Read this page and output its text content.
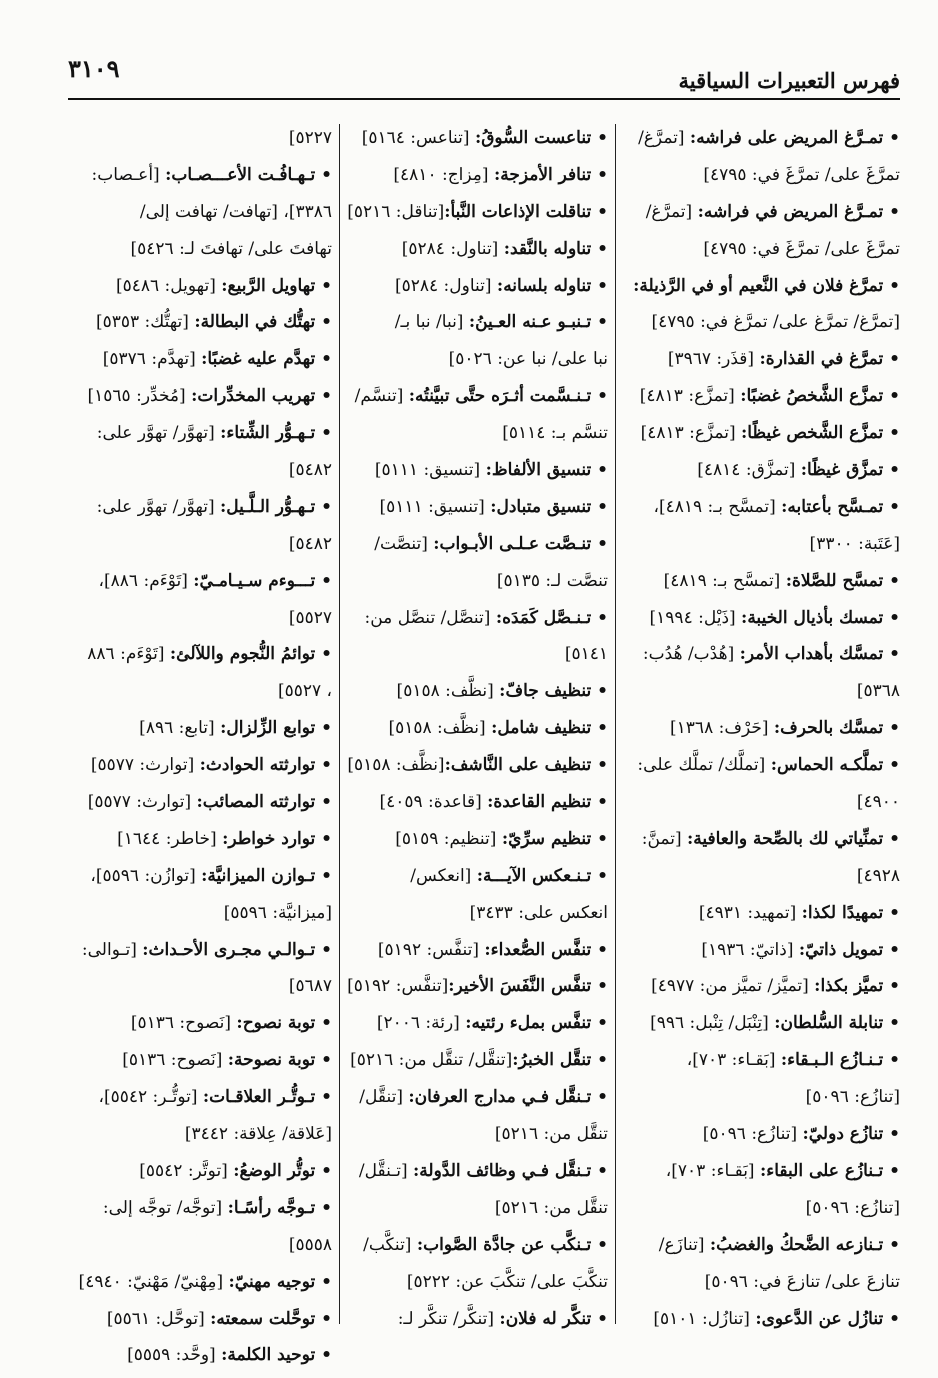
٣١٠٩	فهرس التعبيرات السياقية
• تمـرَّغ المريض على فراشه: [تمرَّغ/
تمرَّغَ على/ تمرَّغَ في: ٤٧٩٥]
• تمـرَّغ المريض في فراشه: [تمرَّغ/
تمرَّغَ على/ تمرَّغَ في: ٤٧٩٥]
• تمرَّغ فلان في النَّعيم أو في الرَّذيلة:
[تمرَّغ/ تمرَّغ على/ تمرَّغ في: ٤٧٩٥]
• تمرَّغ في القذارة: [قذَر: ٣٩٦٧]
• تمزَّع الشَّخصُ غضبًا: [تمزَّع: ٤٨١٣]
• تمزَّع الشَّخص غيظًا: [تمزَّع: ٤٨١٣]
• تمزَّق غيظًا: [تمزَّق: ٤٨١٤]
• تمـسَّح بأعتابه: [تمسَّح بـ: ٤٨١٩]،
[عَتَبة: ٣٣٠٠]
• تمسَّح للصَّلاة: [تمسَّح بـ: ٤٨١٩]
• تمسك بأذيال الخيبة: [ذَيْل: ١٩٩٤]
• تمسَّك بأهداب الأمر: [هُدْب/ هُدُب:
٥٣٦٨]
• تمسَّك بالحرف: [حَرْف: ١٣٦٨]
• تملَّكـه الحماس: [تملَّك/ تملَّك على:
٤٩٠٠]
• تمنِّياتي لك بالصِّحة والعافية: [تمنَّ:
٤٩٢٨]
• تمهيدًا لكذا: [تمهيد: ٤٩٣١]
• تمويل ذاتيّ: [ذاتيّ: ١٩٣٦]
• تميَّز بكذا: [تميَّز/ تميَّز من: ٤٩٧٧]
• تنابلة السُّلطان: [تِنْبَل/ تِنْبل: ٩٩٦]
• تـنـازُع الـبـقاء: [بَقـاء: ٧٠٣]،
[تنازُع: ٥٠٩٦]
• تنازُع دوليّ: [تنازُع: ٥٠٩٦]
• تـنازُع على البقاء: [بَقـاء: ٧٠٣]،
[تنازُع: ٥٠٩٦]
• تـنازعه الضَّحكُ والغضبُ: [تنازَع/
تنازعَ على/ تنازعَ في: ٥٠٩٦]
• تنازُل عن الدَّعوى: [تنازُل: ٥١٠١]
• تناعست السُّوقُ: [تناعس: ٥١٦٤]
• تنافر الأمزجة: [مِزاج: ٤٨١٠]
• تناقلت الإذاعات النَّبأ:[تناقل: ٥٢١٦]
• تناوله بالنَّقد: [تناول: ٥٢٨٤]
• تناوله بلسانه: [تناول: ٥٢٨٤]
• تـنبـو عـنه العـينُ: [نبا/ نبا بـ/
نبا على/ نبا عن: ٥٠٢٦]
• تـنـسَّمت أثـرَه حتَّى تبيَّنتُه: [تنسَّم/
تنسَّم بـ: ٥١١٤]
• تنسيق الألفاظ: [تنسيق: ٥١١١]
• تنسيق متبادل: [تنسيق: ٥١١١]
• تنـصَّت عـلـى الأبـواب: [تنصَّت/
تنصَّت لـ: ٥١٣٥]
• تـنـصَّل كَمَدَه: [تنصَّل/ تنصَّل من:
٥١٤١]
• تنظيف جافّ: [نظَّف: ٥١٥٨]
• تنظيف شامل: [نظَّف: ٥١٥٨]
• تنظيف على النَّاشف:[نظَّف: ٥١٥٨]
• تنظيم القاعدة: [قاعدة: ٤٠٥٩]
• تنظيم سرِّيّ: [تنظيم: ٥١٥٩]
• تـنـعكس الآيـــة: [انعكس/
انعكس على: ٣٤٣٣]
• تنفَّس الصُّعداء: [تنفَّس: ٥١٩٢]
• تنفَّس النَّفَسَ الأخير:[تنفَّس: ٥١٩٢]
• تنفَّس بملء رئتيه: [رئة: ٢٠٠٦]
• تنقَّل الخبرُ:[تنقَّل/ تنقَّل من: ٥٢١٦]
• تـنقَّل فـي مدارج العرفان: [تنقَّل/
تنقَّل من: ٥٢١٦]
• تـنقَّل فـي وظائف الدَّولة: [تـنقَّل/
تنقَّل من: ٥٢١٦]
• تـنكَّب عن جادَّة الصَّواب: [تنكَّب/
تنكَّبَ على/ تنكَّبَ عن: ٥٢٢٢]
• تنكَّر له فلان: [تنكَّر/ تنكَّر لـ:
٥٢٢٧]
• تـهـافُـت الأعـــصـاب: [أعـصاب:
٣٣٨٦]، [تهافت/ تهافت إلى/
تهافتَ على/ تهافتَ لـ: ٥٤٢٦]
• تهاويل الرَّبيع: [تهويل: ٥٤٨٦]
• تهتُّك في البطالة: [تهتُّك: ٥٣٥٣]
• تهدَّم عليه غضبًا: [تهدَّم: ٥٣٧٦]
• تهريب المخدِّرات: [مُخدِّر: ١٥٦٥]
• تـهـوُّر الشِّتاء: [تهوَّر/ تهوَّر على:
٥٤٨٢]
• تـهـوُّر الـلَّـيل: [تهوَّر/ تهوَّر على:
٥٤٨٢]
• تـــوءم سـيـامـيّ: [تَوْءَم: ٨٨٦]،
٥٥٢٧]
• توائمُ النُّجوم واللآلئ: [تَوْءَم: ٨٨٦
، ٥٥٢٧]
• توابع الزِّلزال: [تابع: ٨٩٦]
• توارثته الحوادث: [توارث: ٥٥٧٧]
• توارثته المصائب: [توارث: ٥٥٧٧]
• توارد خواطر: [خاطر: ١٦٤٤]
• تـوازن الميزانيَّة: [توازُن: ٥٥٩٦]،
[ميزانيَّة: ٥٥٩٦]
• تـوالـي مجـرى الأحـداث: [تـوالى:
٥٦٨٧]
• توبة نصوح: [نَصوح: ٥١٣٦]
• توبة نصوحة: [نَصوح: ٥١٣٦]
• تـوتُّـر العلاقـات: [توتُّـر: ٥٥٤٢]،
[عَلاقة/ عِلاقة: ٣٤٤٢]
• توتُّر الوضعُ: [توتَّر: ٥٥٤٢]
• تـوجَّه رأسًـا: [توجَّه/ توجَّه إلى:
٥٥٥٨]
• توجيه مهنيّ: [مِهْنيّ/ مَهْنيّ: ٤٩٤٠]
• توحَّلت سمعته: [توحَّل: ٥٥٦١]
• توحيد الكلمة: [وحَّد: ٥٥٥٩]
